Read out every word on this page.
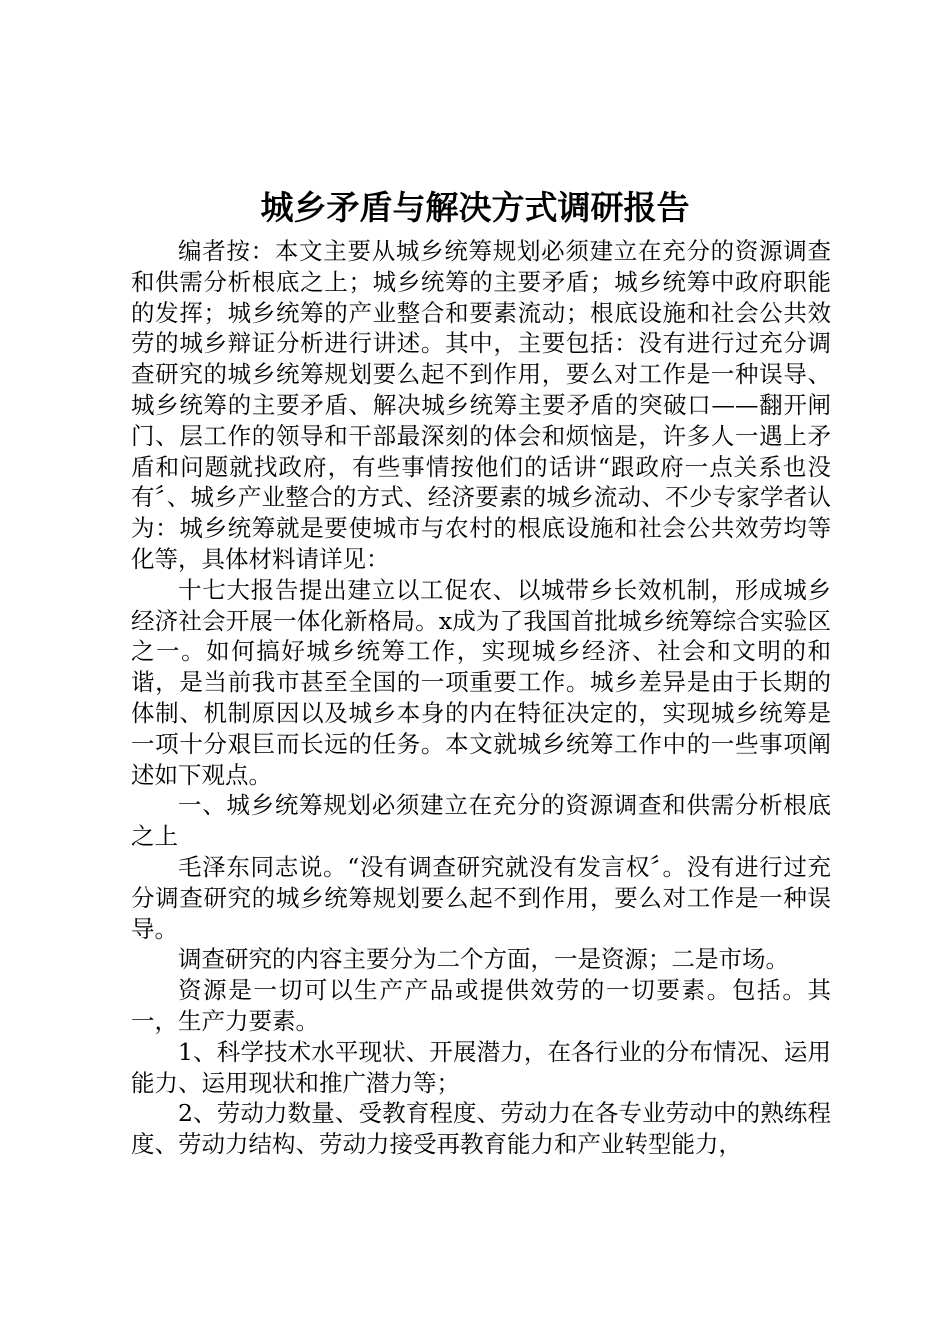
城乡矛盾与解决方式调研报告

编者按：本文主要从城乡统筹规划必须建立在充分的资源调查和供需分析根底之上；城乡统筹的主要矛盾；城乡统筹中政府职能的发挥；城乡统筹的产业整合和要素流动；根底设施和社会公共效劳的城乡辩证分析进行讲述。其中，主要包括：没有进行过充分调查研究的城乡统筹规划要么起不到作用，要么对工作是一种误导、城乡统筹的主要矛盾、解决城乡统筹主要矛盾的突破口——翻开闸门、层工作的领导和干部最深刻的体会和烦恼是，许多人一遇上矛盾和问题就找政府，有些事情按他们的话讲“跟政府一点关系也没有〞、城乡产业整合的方式、经济要素的城乡流动、不少专家学者认为：城乡统筹就是要使城市与农村的根底设施和社会公共效劳均等化等，具体材料请详见：

十七大报告提出建立以工促农、以城带乡长效机制，形成城乡经济社会开展一体化新格局。x成为了我国首批城乡统筹综合实验区之一。如何搞好城乡统筹工作，实现城乡经济、社会和文明的和谐，是当前我市甚至全国的一项重要工作。城乡差异是由于长期的体制、机制原因以及城乡本身的内在特征决定的，实现城乡统筹是一项十分艰巨而长远的任务。本文就城乡统筹工作中的一些事项阐述如下观点。

一、城乡统筹规划必须建立在充分的资源调查和供需分析根底之上

毛泽东同志说。“没有调查研究就没有发言权〞。没有进行过充分调查研究的城乡统筹规划要么起不到作用，要么对工作是一种误导。

调查研究的内容主要分为二个方面，一是资源；二是市场。

资源是一切可以生产产品或提供效劳的一切要素。包括。其一，生产力要素。

1、科学技术水平现状、开展潜力，在各行业的分布情况、运用能力、运用现状和推广潜力等；

2、劳动力数量、受教育程度、劳动力在各专业劳动中的熟练程度、劳动力结构、劳动力接受再教育能力和产业转型能力，
